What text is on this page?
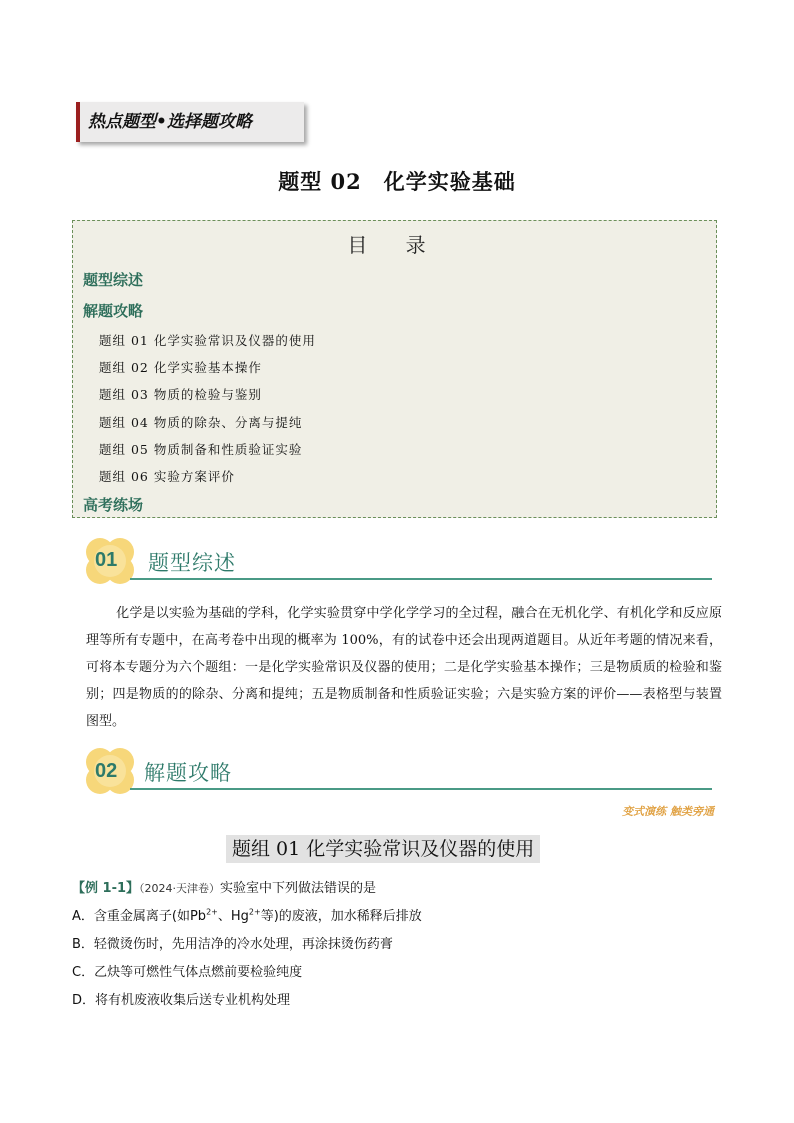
热点题型•选择题攻略
题型 02 化学实验基础
目 录
题型综述
解题攻略
题组 01 化学实验常识及仪器的使用
题组 02 化学实验基本操作
题组 03 物质的检验与鉴别
题组 04 物质的除杂、分离与提纯
题组 05 物质制备和性质验证实验
题组 06 实验方案评价
高考练场
01 题型综述
化学是以实验为基础的学科，化学实验贯穿中学化学学习的全过程，融合在无机化学、有机化学和反应原理等所有专题中，在高考卷中出现的概率为 100%，有的试卷中还会出现两道题目。从近年考题的情况来看，可将本专题分为六个题组：一是化学实验常识及仪器的使用；二是化学实验基本操作；三是物质质的检验和鉴别；四是物质的的除杂、分离和提纯；五是物质制备和性质验证实验；六是实验方案的评价——表格型与装置图型。
02 解题攻略
变式演练 触类旁通
题组 01 化学实验常识及仪器的使用
【例 1-1】（2024·天津卷）实验室中下列做法错误的是
A．含重金属离子(如$Pb^{2+}$、$Hg^{2+}$等)的废液，加水稀释后排放
B．轻微烫伤时，先用洁净的冷水处理，再涂抹烫伤药膏
C．乙炔等可燃性气体点燃前要检验纯度
D．将有机废液收集后送专业机构处理
